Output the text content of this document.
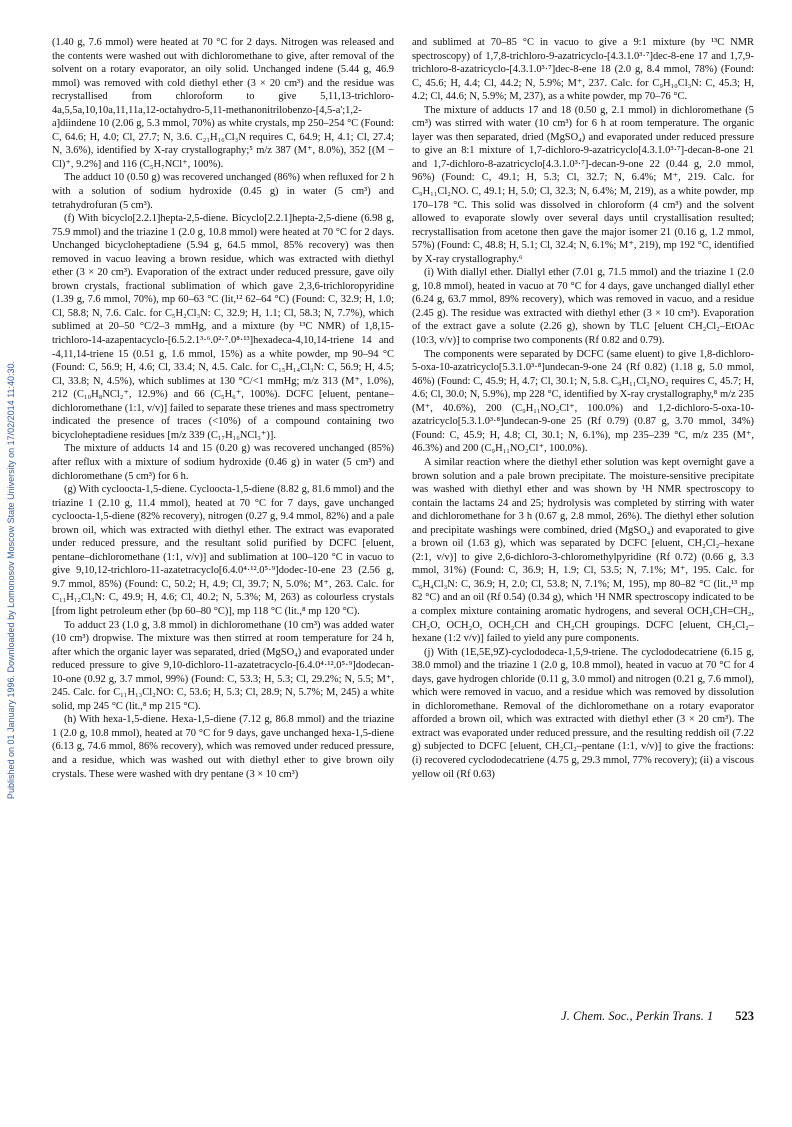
Published on 01 January 1996. Downloaded by Lomonosov Moscow State University on 17/02/2014 11:40:30.

(1.40 g, 7.6 mmol) were heated at 70 °C for 2 days. Nitrogen was released and the contents were washed out with dichloromethane to give, after removal of the solvent on a rotary evaporator, an oily solid. Unchanged indene (5.44 g, 46.9 mmol) was removed with cold diethyl ether (3 × 20 cm³) and the residue was recrystallised from chloroform to give 5,11,13-trichloro-4a,5,5a,10,10a,11,11a,12-octahydro-5,11-methanonitrilobenzo-[4,5-a';1,2-a]diindene 10 (2.06 g, 5.3 mmol, 70%) as white crystals, mp 250–254 °C (Found: C, 64.6; H, 4.0; Cl, 27.7; N, 3.6. C₂₁H₁₆Cl₃N requires C, 64.9; H, 4.1; Cl, 27.4; N, 3.6%), identified by X-ray crystallography;⁵ m/z 387 (M⁺, 8.0%), 352 [(M − Cl)⁺, 9.2%] and 116 (C₅H₇NCl⁺, 100%).

The adduct 10 (0.50 g) was recovered unchanged (86%) when refluxed for 2 h with a solution of sodium hydroxide (0.45 g) in water (5 cm³) and tetrahydrofuran (5 cm³).

(f) With bicyclo[2.2.1]hepta-2,5-diene. Bicyclo[2.2.1]hepta-2,5-diene (6.98 g, 75.9 mmol) and the triazine 1 (2.0 g, 10.8 mmol) were heated at 70 °C for 2 days. Unchanged bicycloheptadiene (5.94 g, 64.5 mmol, 85% recovery) was then removed in vacuo leaving a brown residue, which was extracted with diethyl ether (3 × 20 cm³). Evaporation of the extract under reduced pressure, gave oily brown crystals, fractional sublimation of which gave 2,3,6-trichloropyridine (1.39 g, 7.6 mmol, 70%), mp 60–63 °C (lit,¹² 62–64 °C) (Found: C, 32.9; H, 1.0; Cl, 58.8; N, 7.6. Calc. for C₅H₂Cl₃N: C, 32.9; H, 1.1; Cl, 58.3; N, 7.7%), which sublimed at 20–50 °C/2–3 mmHg, and a mixture (by ¹³C NMR) of 1,8,15-trichloro-14-azapentacyclo-[6.5.2.1³·⁶.0²·⁷.0⁸·¹³]hexadeca-4,10,14-triene 14 and -4,11,14-triene 15 (0.51 g, 1.6 mmol, 15%) as a white powder, mp 90–94 °C (Found: C, 56.9; H, 4.6; Cl, 33.4; N, 4.5. Calc. for C₁₅H₁₄Cl₃N: C, 56.9; H, 4.5; Cl, 33.8; N, 4.5%), which sublimes at 130 °C/<1 mmHg; m/z 313 (M⁺, 1.0%), 212 (C₁₀H₈NCl₂⁺, 12.9%) and 66 (C₅H₆⁺, 100%). DCFC [eluent, pentane–dichloromethane (1:1, v/v)] failed to separate these trienes and mass spectrometry indicated the presence of traces (<10%) of a compound containing two bicycloheptadiene residues [m/z 339 (C₁₇H₁₆NCl₃⁺)].

The mixture of adducts 14 and 15 (0.20 g) was recovered unchanged (85%) after reflux with a mixture of sodium hydroxide (0.46 g) in water (5 cm³) and dichloromethane (5 cm³) for 6 h.

(g) With cycloocta-1,5-diene. Cycloocta-1,5-diene (8.82 g, 81.6 mmol) and the triazine 1 (2.10 g, 11.4 mmol), heated at 70 °C for 7 days, gave unchanged cycloocta-1,5-diene (82% recovery), nitrogen (0.27 g, 9.4 mmol, 82%) and a pale brown oil, which was extracted with diethyl ether. The extract was evaporated under reduced pressure, and the resultant solid purified by DCFC [eluent, pentane–dichloromethane (1:1, v/v)] and sublimation at 100–120 °C in vacuo to give 9,10,12-trichloro-11-azatetracyclo[6.4.0⁴·¹².0⁵·⁹]dodec-10-ene 23 (2.56 g, 9.7 mmol, 85%) (Found: C, 50.2; H, 4.9; Cl, 39.7; N, 5.0%; M⁺, 263. Calc. for C₁₁H₁₂Cl₃N: C, 49.9; H, 4.6; Cl, 40.2; N, 5.3%; M, 263) as colourless crystals [from light petroleum ether (bp 60–80 °C)], mp 118 °C (lit.,⁸ mp 120 °C).

To adduct 23 (1.0 g, 3.8 mmol) in dichloromethane (10 cm³) was added water (10 cm³) dropwise. The mixture was then stirred at room temperature for 24 h, after which the organic layer was separated, dried (MgSO₄) and evaporated under reduced pressure to give 9,10-dichloro-11-azatetracyclo-[6.4.0⁴·¹².0⁵·⁹]dodecan-10-one (0.92 g, 3.7 mmol, 99%) (Found: C, 53.3; H, 5.3; Cl, 29.2%; N, 5.5; M⁺, 245. Calc. for C₁₁H₁₃Cl₂NO: C, 53.6; H, 5.3; Cl, 28.9; N, 5.7%; M, 245) a white solid, mp 245 °C (lit.,⁸ mp 215 °C).

(h) With hexa-1,5-diene. Hexa-1,5-diene (7.12 g, 86.8 mmol) and the triazine 1 (2.0 g, 10.8 mmol), heated at 70 °C for 9 days, gave unchanged hexa-1,5-diene (6.13 g, 74.6 mmol, 86% recovery), which was removed under reduced pressure, and a residue, which was washed out with diethyl ether to give brown oily crystals. These were washed with dry pentane (3 × 10 cm³)

and sublimed at 70–85 °C in vacuo to give a 9:1 mixture (by ¹³C NMR spectroscopy) of 1,7,8-trichloro-9-azatricyclo-[4.3.1.0³·⁷]dec-8-ene 17 and 1,7,9-trichloro-8-azatricyclo-[4.3.1.0³·⁷]dec-8-ene 18 (2.0 g, 8.4 mmol, 78%) (Found: C, 45.6; H, 4.4; Cl, 44.2; N, 5.9%; M⁺, 237. Calc. for C₉H₁₀Cl₃N: C, 45.3; H, 4.2; Cl, 44.6; N, 5.9%; M, 237), as a white powder, mp 70–76 °C.

The mixture of adducts 17 and 18 (0.50 g, 2.1 mmol) in dichloromethane (5 cm³) was stirred with water (10 cm³) for 6 h at room temperature. The organic layer was then separated, dried (MgSO₄) and evaporated under reduced pressure to give an 8:1 mixture of 1,7-dichloro-9-azatricyclo[4.3.1.0³·⁷]-decan-8-one 21 and 1,7-dichloro-8-azatricyclo[4.3.1.0³·⁷]-decan-9-one 22 (0.44 g, 2.0 mmol, 96%) (Found: C, 49.1; H, 5.3; Cl, 32.7; N, 6.4%; M⁺, 219. Calc. for C₉H₁₁Cl₂NO. C, 49.1; H, 5.0; Cl, 32.3; N, 6.4%; M, 219), as a white powder, mp 170–178 °C. This solid was dissolved in chloroform (4 cm³) and the solvent allowed to evaporate slowly over several days until crystallisation resulted; recrystallisation from acetone then gave the major isomer 21 (0.16 g, 1.2 mmol, 57%) (Found: C, 48.8; H, 5.1; Cl, 32.4; N, 6.1%; M⁺, 219), mp 192 °C, identified by X-ray crystallography.⁶

(i) With diallyl ether. Diallyl ether (7.01 g, 71.5 mmol) and the triazine 1 (2.0 g, 10.8 mmol), heated in vacuo at 70 °C for 4 days, gave unchanged diallyl ether (6.24 g, 63.7 mmol, 89% recovery), which was removed in vacuo, and a residue (2.45 g). The residue was extracted with diethyl ether (3 × 10 cm³). Evaporation of the extract gave a solute (2.26 g), shown by TLC [eluent CH₂Cl₂–EtOAc (10:3, v/v)] to comprise two components (Rf 0.82 and 0.79).

The components were separated by DCFC (same eluent) to give 1,8-dichloro-5-oxa-10-azatricyclo[5.3.1.0³·⁸]undecan-9-one 24 (Rf 0.82) (1.18 g, 5.0 mmol, 46%) (Found: C, 45.9; H, 4.7; Cl, 30.1; N, 5.8. C₉H₁₁Cl₂NO₂ requires C, 45.7; H, 4.6; Cl, 30.0; N, 5.9%), mp 228 °C, identified by X-ray crystallography,⁸ m/z 235 (M⁺, 40.6%), 200 (C₉H₁₁NO₂Cl⁺, 100.0%) and 1,2-dichloro-5-oxa-10-azatricyclo[5.3.1.0³·⁸]undecan-9-one 25 (Rf 0.79) (0.87 g, 3.70 mmol, 34%) (Found: C, 45.9; H, 4.8; Cl, 30.1; N, 6.1%), mp 235–239 °C, m/z 235 (M⁺, 46.3%) and 200 (C₉H₁₁NO₂Cl⁺, 100.0%).

A similar reaction where the diethyl ether solution was kept overnight gave a brown solution and a pale brown precipitate. The moisture-sensitive precipitate was washed with diethyl ether and was shown by ¹H NMR spectroscopy to contain the lactams 24 and 25; hydrolysis was completed by stirring with water and dichloromethane for 3 h (0.67 g, 2.8 mmol, 26%). The diethyl ether solution and precipitate washings were combined, dried (MgSO₄) and evaporated to give a brown oil (1.63 g), which was separated by DCFC [eluent, CH₂Cl₂–hexane (2:1, v/v)] to give 2,6-dichloro-3-chloromethylpyridine (Rf 0.72) (0.66 g, 3.3 mmol, 31%) (Found: C, 36.9; H, 1.9; Cl, 53.5; N, 7.1%; M⁺, 195. Calc. for C₆H₄Cl₃N: C, 36.9; H, 2.0; Cl, 53.8; N, 7.1%; M, 195), mp 80–82 °C (lit.,¹³ mp 82 °C) and an oil (Rf 0.54) (0.34 g), which ¹H NMR spectroscopy indicated to be a complex mixture containing aromatic hydrogens, and several OCH₂CH=CH₂, CH₂O, OCH₂O, OCH₂CH and CH₂CH groupings. DCFC [eluent, CH₂Cl₂–hexane (1:2 v/v)] failed to yield any pure components.

(j) With (1E,5E,9Z)-cyclododeca-1,5,9-triene. The cyclododecatriene (6.15 g, 38.0 mmol) and the triazine 1 (2.0 g, 10.8 mmol), heated in vacuo at 70 °C for 4 days, gave hydrogen chloride (0.11 g, 3.0 mmol) and nitrogen (0.21 g, 7.6 mmol), which were removed in vacuo, and a residue which was removed by dissolution in dichloromethane. Removal of the dichloromethane on a rotary evaporator afforded a brown oil, which was extracted with diethyl ether (3 × 20 cm³). The extract was evaporated under reduced pressure, and the resulting reddish oil (7.22 g) subjected to DCFC [eluent, CH₂Cl₂–pentane (1:1, v/v)] to give the fractions: (i) recovered cyclododecatriene (4.75 g, 29.3 mmol, 77% recovery); (ii) a viscous yellow oil (Rf 0.63)

J. Chem. Soc., Perkin Trans. 1 523
